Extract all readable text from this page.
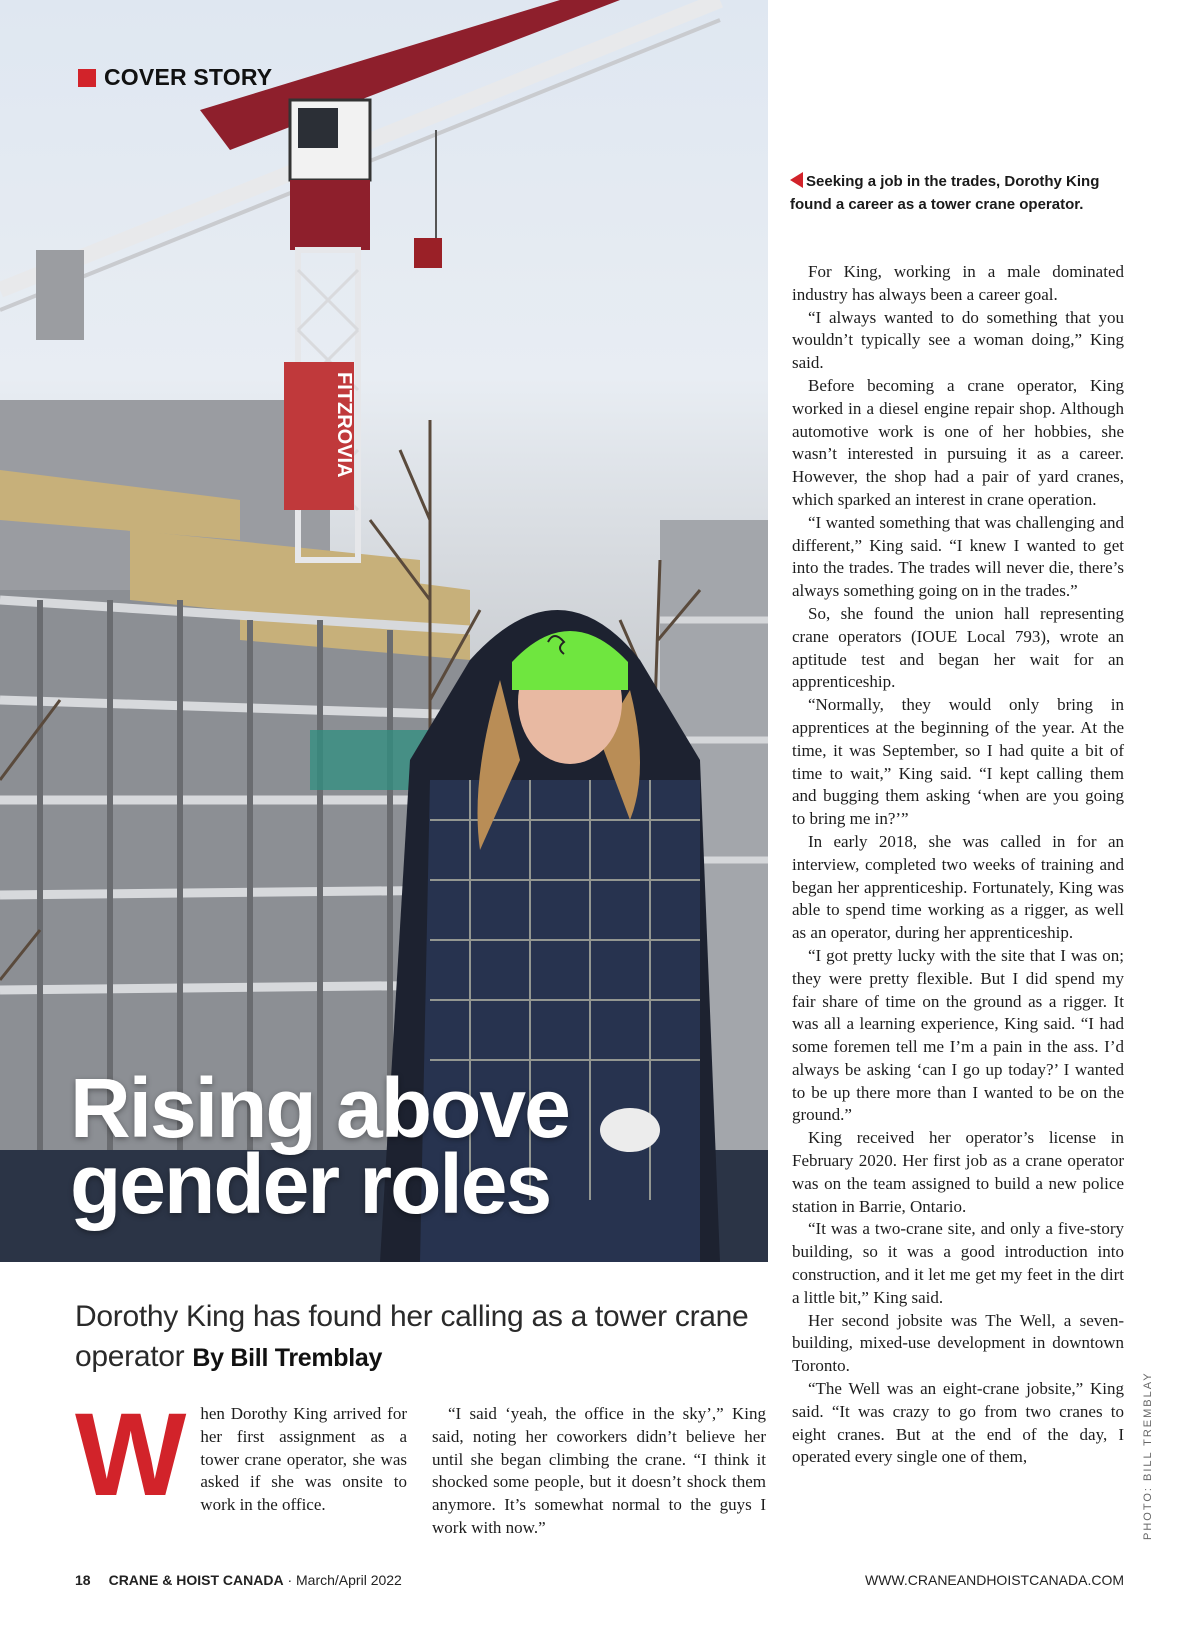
FITZROVIA
COVER STORY
Rising above
gender roles

Seeking a job in the trades, Dorothy King found a career as a tower crane operator.

Dorothy King has found her calling as a tower crane operator By Bill Tremblay
W hen Dorothy King arrived for her first assignment as a tower crane operator, she was asked if she was onsite to work in the office.

“I said ‘yeah, the office in the sky’,” King said, noting her coworkers didn’t believe her until she began climbing the crane. “I think it shocked some people, but it doesn’t shock them anymore. It’s somewhat normal to the guys I work with now.”

For King, working in a male dominated industry has always been a career goal.

“I always wanted to do something that you wouldn’t typically see a woman doing,” King said.

Before becoming a crane operator, King worked in a diesel engine repair shop. Although automotive work is one of her hobbies, she wasn’t interested in pursuing it as a career. However, the shop had a pair of yard cranes, which sparked an interest in crane operation.

“I wanted something that was challenging and different,” King said. “I knew I wanted to get into the trades. The trades will never die, there’s always something going on in the trades.”

So, she found the union hall representing crane operators (IOUE Local 793), wrote an aptitude test and began her wait for an apprenticeship.

“Normally, they would only bring in apprentices at the beginning of the year. At the time, it was September, so I had quite a bit of time to wait,” King said. “I kept calling them and bugging them asking ‘when are you going to bring me in?’”

In early 2018, she was called in for an interview, completed two weeks of training and began her apprenticeship. Fortunately, King was able to spend time working as a rigger, as well as an operator, during her apprenticeship.

“I got pretty lucky with the site that I was on; they were pretty flexible. But I did spend my fair share of time on the ground as a rigger. It was all a learning experience, King said. “I had some foremen tell me I’m a pain in the ass. I’d always be asking ‘can I go up today?’ I wanted to be up there more than I wanted to be on the ground.”

King received her operator’s license in February 2020. Her first job as a crane operator was on the team assigned to build a new police station in Barrie, Ontario.

“It was a two-crane site, and only a five-story building, so it was a good introduction into construction, and it let me get my feet in the dirt a little bit,” King said.

Her second jobsite was The Well, a seven-building, mixed-use development in downtown Toronto.

“The Well was an eight-crane jobsite,” King said. “It was crazy to go from two cranes to eight cranes. But at the end of the day, I operated every single one of them,	PHOTO: BILL TREMBLAY
18 CRANE & HOIST CANADA · March/April 2022	WWW.CRANEANDHOISTCANADA.COM
